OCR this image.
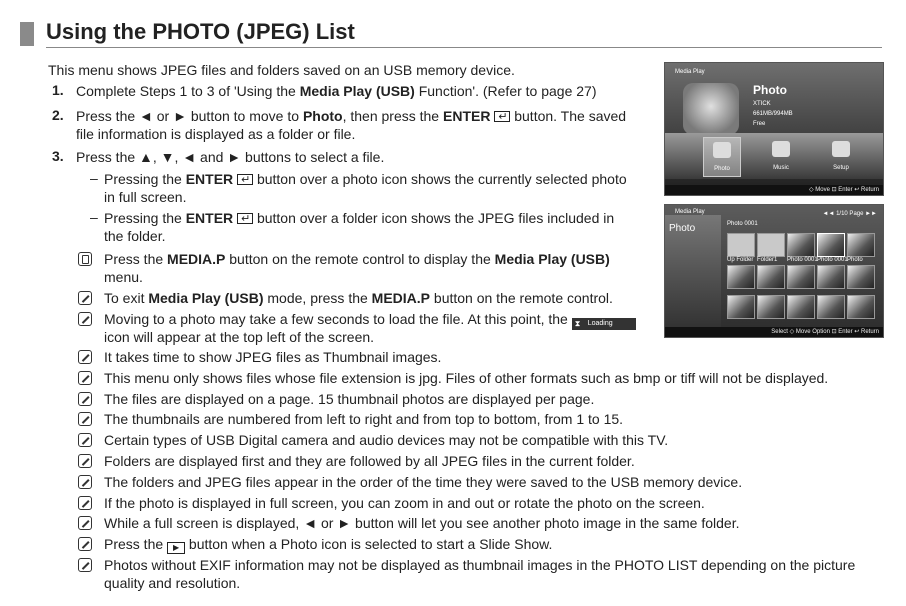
Using the PHOTO (JPEG) List
This menu shows JPEG files and folders saved on an USB memory device.
1. Complete Steps 1 to 3 of 'Using the Media Play (USB) Function'. (Refer to page 27)
2. Press the ◄ or ► button to move to Photo, then press the ENTER ↵ button. The saved
file information is displayed as a folder or file.
3. Press the ▲, ▼, ◄ and ► buttons to select a file.
– Pressing the ENTER ↵ button over a photo icon shows the currently selected photo
in full screen.
– Pressing the ENTER ↵ button over a folder icon shows the JPEG files included in
the folder.
Press the MEDIA.P button on the remote control to display the Media Play (USB)
menu.
To exit Media Play (USB) mode, press the MEDIA.P button on the remote control.
Moving to a photo may take a few seconds to load the file. At this point, the ⧗	Loading
icon will appear at the top left of the screen.
It takes time to show JPEG files as Thumbnail images.
This menu only shows files whose file extension is jpg. Files of other formats such as bmp or tiff will not be displayed.
The files are displayed on a page. 15 thumbnail photos are displayed per page.
The thumbnails are numbered from left to right and from top to bottom, from 1 to 15.
Certain types of USB Digital camera and audio devices may not be compatible with this TV.
Folders are displayed first and they are followed by all JPEG files in the current folder.
The folders and JPEG files appear in the order of the time they were saved to the USB memory device.
If the photo is displayed in full screen, you can zoom in and out or rotate the photo on the screen.
While a full screen is displayed, ◄ or ► button will let you see another photo image in the same folder.
Press the ▶ button when a Photo icon is selected to start a Slide Show.
Photos without EXIF information may not be displayed as thumbnail images in the PHOTO LIST depending on the picture
quality and resolution.
Media Play
Photo
XTICK
661MB/994MB
Free
Photo	Music	Setup
◇ Move ⊡ Enter ↩ Return
Media Play	◄◄ 1/10 Page ►►
Photo	Photo 0001
Up Folder Folder1 Photo 0001 Photo 0001 Photo
Select ◇ Move Option ⊡ Enter ↩ Return
